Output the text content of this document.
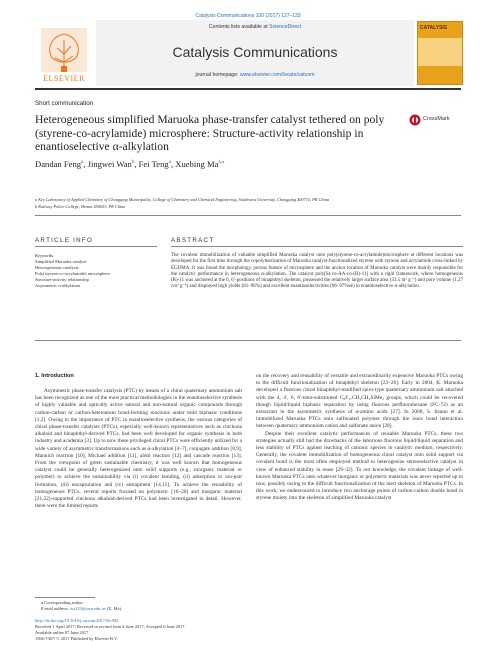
Catalysis Communications 100 (2017) 127–133
ELSEVIER
Contents lists available at ScienceDirect
Catalysis Communications
journal homepage: www.elsevier.com/locate/catcom
CATALYSIS
Short communication
Heterogeneous simplified Maruoka phase-transfer catalyst tethered on poly (styrene-co-acrylamide) microsphere: Structure-activity relationship in enantioselective α-alkylation
CrossMark
Dandan Feng$^a$, Jingwei Wan$^b$, Fei Teng$^a$, Xuebing $Ma^{a,⁎}$
a Key Laboratory of Applied Chemistry of Chongqing Municipality, College of Chemistry and Chemical Engineering, Southwest University, Chongqing 400715, PR China
b Railway Police College, Henan 450053, PR China
ARTICLE INFO
Keywords:
Simplified Maruoka catalyst
Heterogeneous catalysis
Poly(styrene-co-acrylamide) microsphere
Structure-activity relationship
Asymmetric α-alkylation
ABSTRACT
The covalent immobilization of valuable simplified Maruoka catalyst onto poly(styrene-co-acrylamide)microsphere at different locations was developed for the first time through the copolymerization of Maruoka catalyst-functionalized styrene with styrene and acrylamide cross-linked by EGDMA. It was found the morphology, porous feature of microsphere and the anchor location of Maruoka catalyst were mainly responsible for the catalytic performance in heterogeneous α-alkylation. The catalyst poly[St-co-AA-co-(R)-11] with a rigid framework, where homogeneous (R)-11 was anchored at the 6, 6′-positions of binaphthyl skeleton, possessed the relatively larger surface area (33.5 m² g⁻¹) and pore volume (1.27 cm³ g⁻¹) and displayed high yields (81–96%) and excellent enantioselectivities (96–97%ee) in enantioselective α-alkylation.
1. Introduction

Asymmetric phase-transfer catalysis (PTC) by means of a chiral quaternary ammonium salt has been recognized as one of the most practical methodologies in the enantioselective synthesis of highly valuable and optically active natural and non-natural organic compounds through carbon-carbon or carbon-heteroatom bond-forming reactions under mild biphasic conditions [1,2]. Owing to the importance of PTC in enantioselective synthesis, the various categories of chiral phase-transfer catalysts (PTCs), especially well-known representatives such as cinchona alkaloid and binaphthyl-derived PTCs, had been well developed for organic synthesis in both industry and academia [3]. Up to now these privileged chiral PTCs were efficiently utilized for a wide variety of asymmetric transformations such as α-alkylation [4–7], conjugate addition [8,9], Mannich reaction [10], Michael addition [11], aldol reaction [12] and cascade reaction [13]. From the viewpoint of green sustainable chemistry, it was well known that homogeneous catalyst could be generally heterogenized onto solid supports (e.g., inorganic material or polymer) to achieve the sustainability via (i) covalent bonding, (ii) adsorption or ion-pair formation, (iii) encapsulation and (iv) entrapment [14,15]. To achieve the reusability of homogeneous PTCs, several reports focused on polymeric [16–20] and inorganic material [21,22]-supported cinchona alkaloid-derived PTCs had been investigated in detail. However, there were the limited reports

on the recovery and reusability of versatile and extraordinarily expensive Maruoka PTCs owing to the difficult functionalization of binaphthyl skeleton [23–26]. Early in 2004, K. Maruoka developed a fluorous chiral binaphthyl-modified spiro-type quaternary ammonium salt attached with the 4, 4′, 6, 6′-tetra-substituted C₈F₁₇CH₂CH₂SiMe₂ groups, which could be recovered though liquid/liquid biphasic separation by using fluorous perfluorohexane (FC-72) as an extractant in the asymmetric synthesis of α-amino acids [27]. In 2008, S. Itsuno et al. immobilized Maruoka PTCs onto sulfonated polymer through the ionic bond interaction between quaternary ammonium cation and sulfonate anion [28].

Despite their excellent catalytic performances of reusable Maruoka PTCs, these two strategies actually still had the drawbacks of the laborious fluorous liquid/liquid separation and less stability of PTCs against leaching of cationic species in catalytic medium, respectively. Generally, the covalent immobilization of homogeneous chiral catalyst onto solid support via covalent bond is the most often employed method to heterogenize stereoselective catalyst in view of enhanced stability in reuse [29–32]. To our knowledge, the covalent linkage of well-known Maruoka PTCs onto whatever inorganic or polymeric materials was never reported up to now, possibly owing to the difficult functionalization of the inert skeleton of Maruoka PTCs. In this work, we endeavoured to introduce two anchorage points of carbon-carbon double bond in styrene moiety into the skeleton of simplified Maruoka catalyst

⁎ Corresponding author.
E-mail address: zcj123@swu.edu.cn (X. Ma).
http://dx.doi.org/10.1016/j.catcom.2017.06.002
Received 1 April 2017; Received in revised form 4 June 2017; Accepted 6 June 2017
Available online 07 June 2017
1566-7367/ © 2017 Published by Elsevier B.V.
